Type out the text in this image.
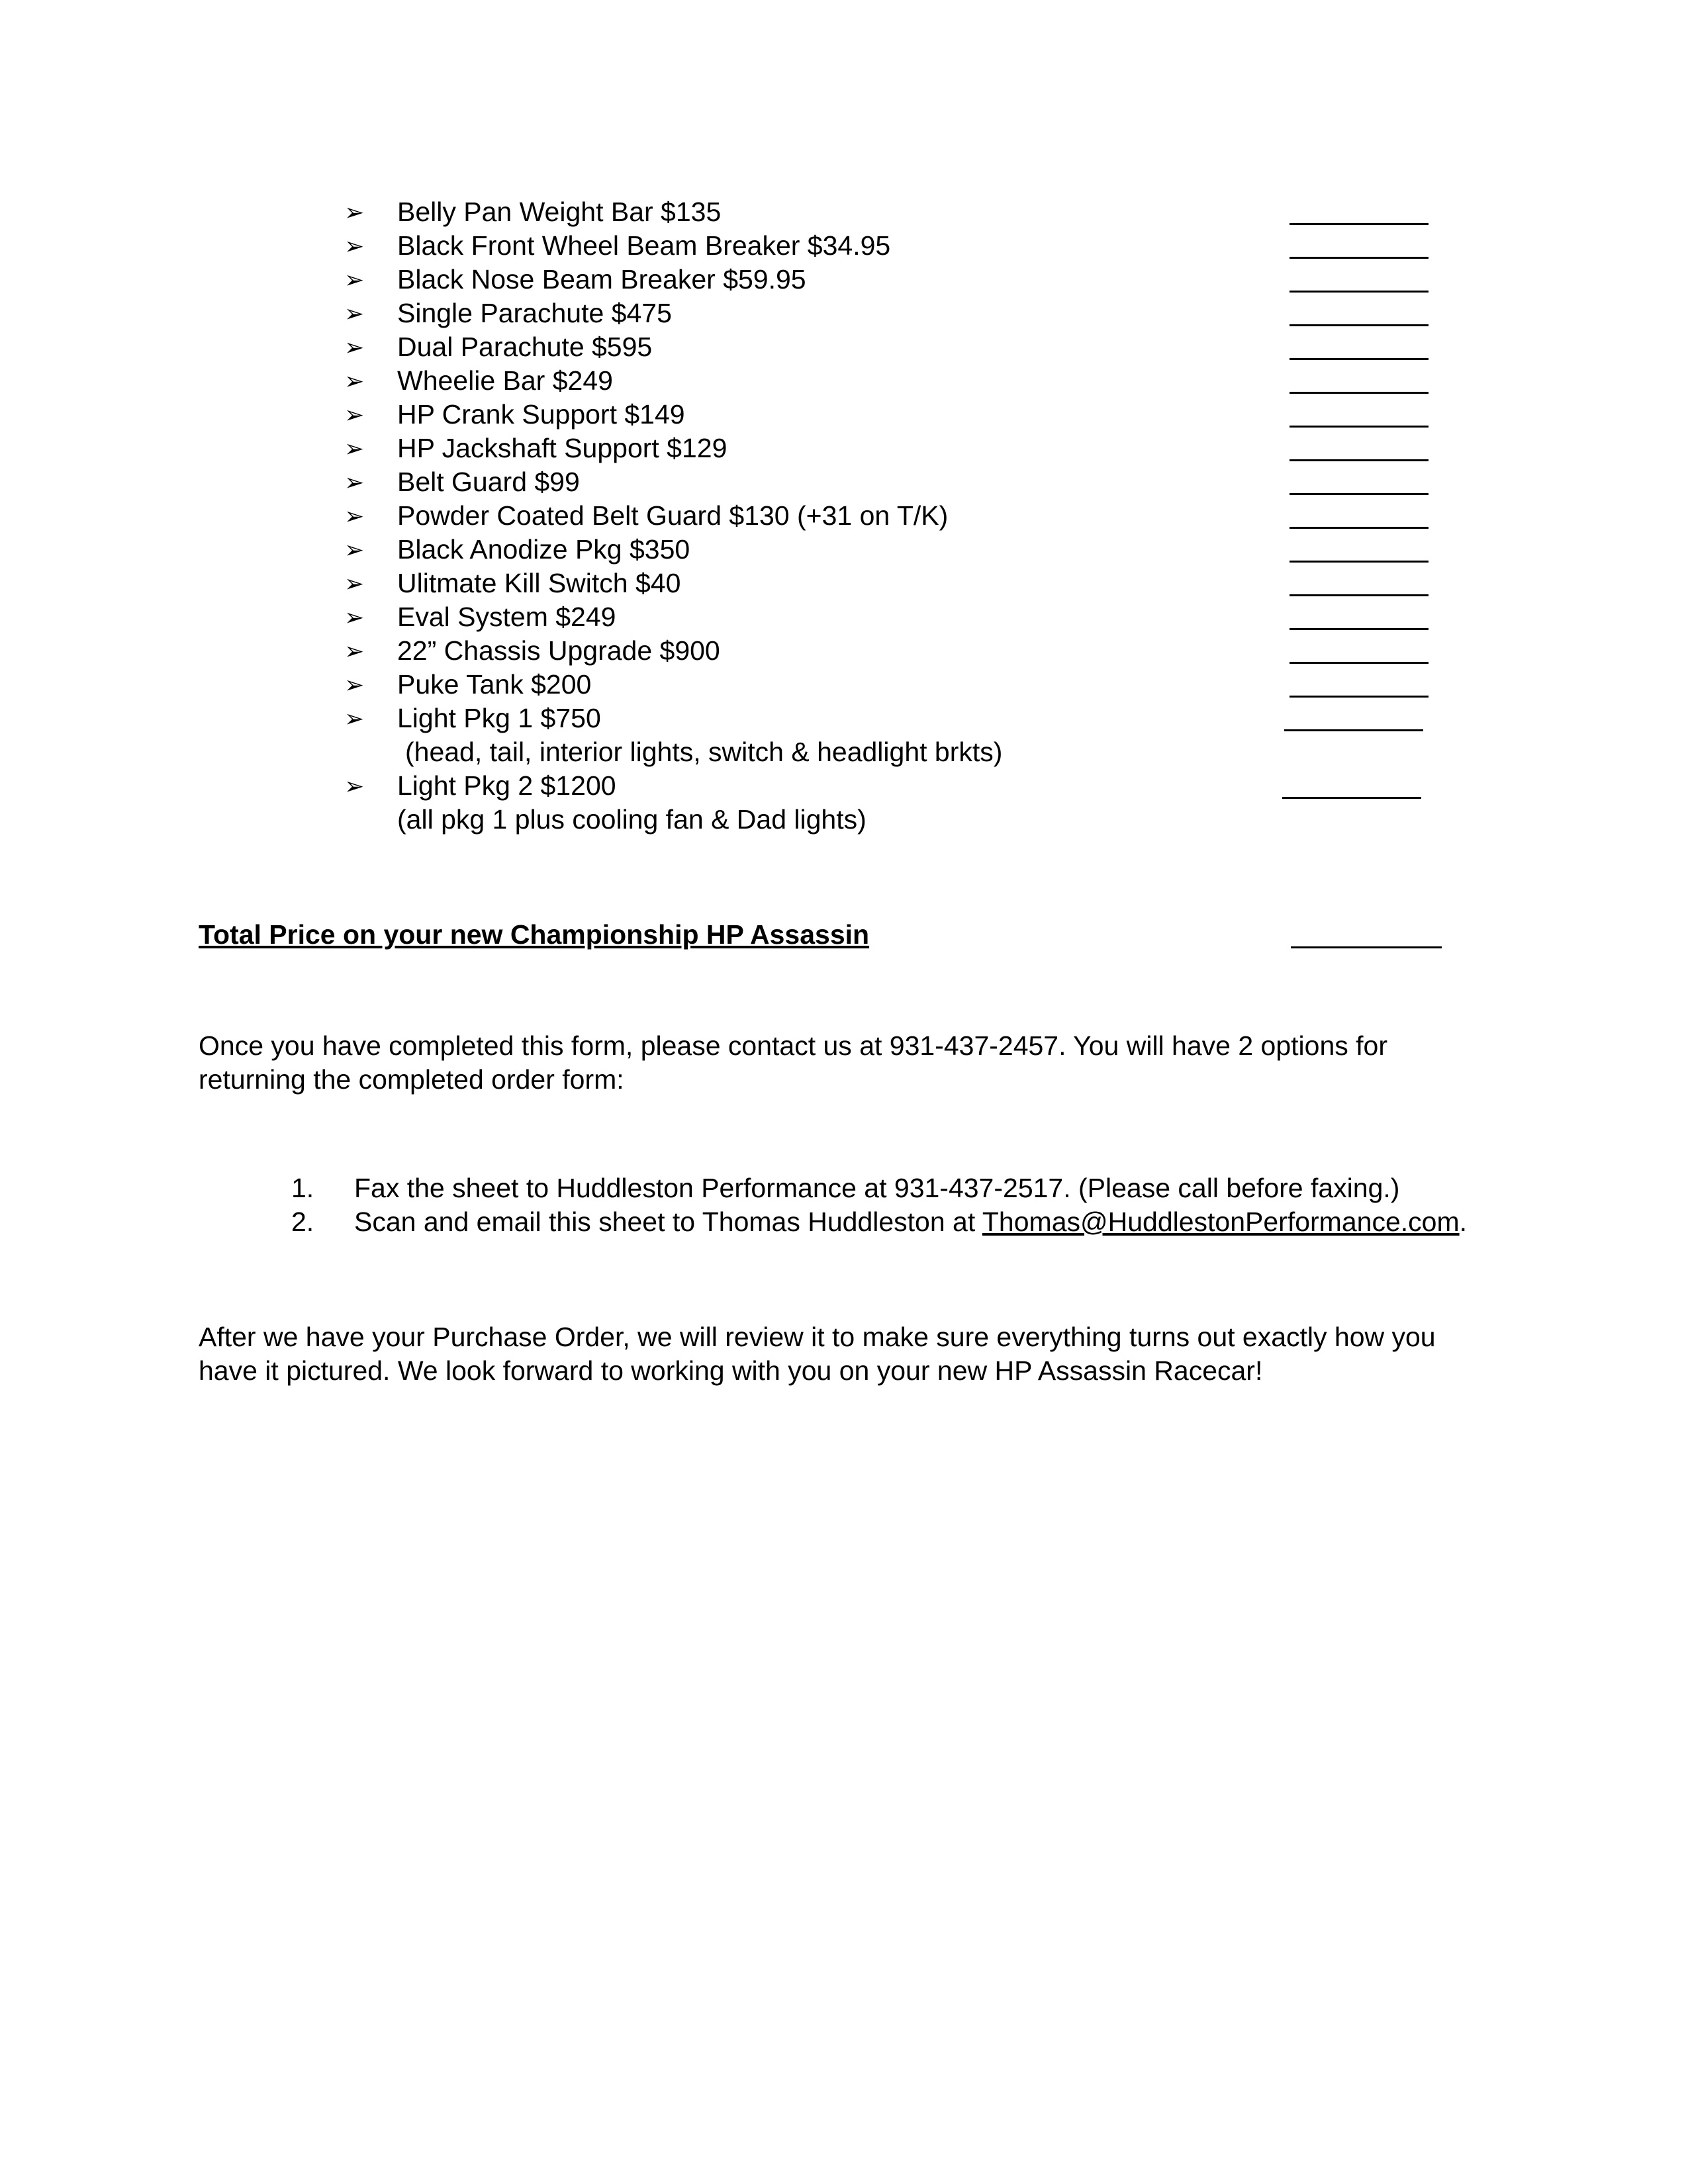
➢	Belly Pan Weight Bar $135
➢	Black Front Wheel Beam Breaker $34.95
➢	Black Nose Beam Breaker $59.95
➢	Single Parachute $475
➢	Dual Parachute $595
➢	Wheelie Bar $249
➢	HP Crank Support $149
➢	HP Jackshaft Support $129
➢	Belt Guard $99
➢	Powder Coated Belt Guard $130 (+31 on T/K)
➢	Black Anodize Pkg $350
➢	Ulitmate Kill Switch $40
➢	Eval System $249
➢	22” Chassis Upgrade $900
➢	Puke Tank $200
➢	Light Pkg 1 $750
(head, tail, interior lights, switch & headlight brkts)
➢	Light Pkg 2 $1200
(all pkg 1 plus cooling fan & Dad lights)
Total Price on your new Championship HP Assassin

Once you have completed this form, please contact us at 931-437-2457. You will have 2 options for returning the completed order form:

1. Fax the sheet to Huddleston Performance at 931-437-2517. (Please call before faxing.)
2. Scan and email this sheet to Thomas Huddleston at Thomas@HuddlestonPerformance.com.

After we have your Purchase Order, we will review it to make sure everything turns out exactly how you have it pictured. We look forward to working with you on your new HP Assassin Racecar!
